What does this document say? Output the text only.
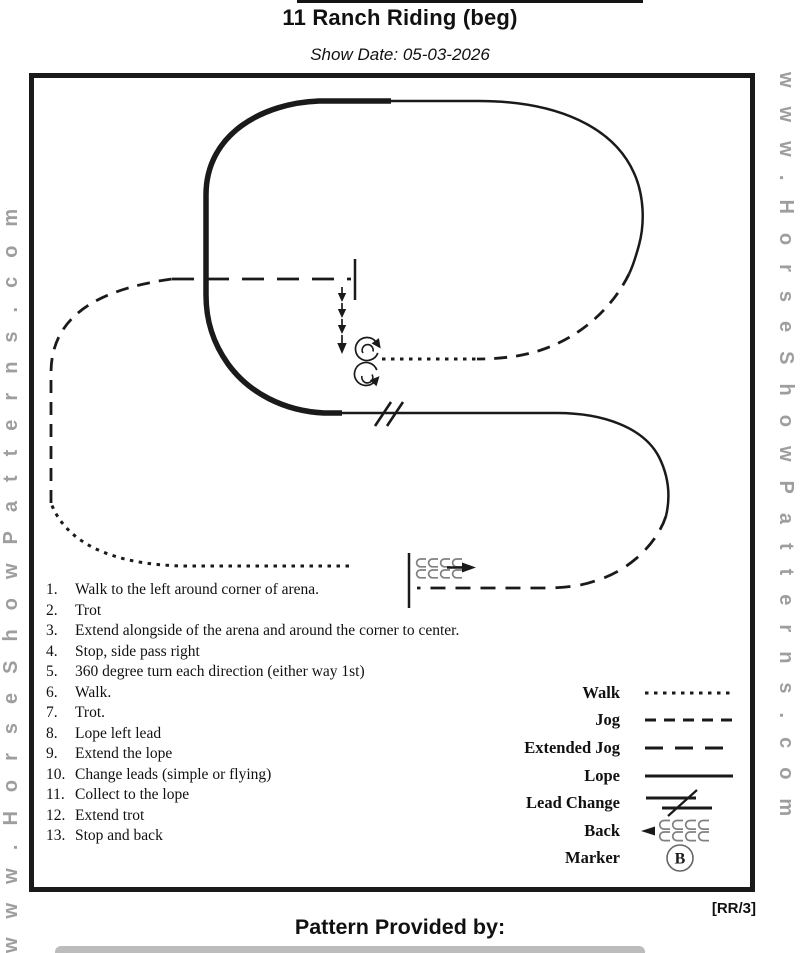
11 Ranch Riding (beg)
Show Date: 05-03-2026
www.HorseShowPatterns.com	www.HorseShowPatterns.com
1.	Walk to the left around corner of arena.
2.	Trot
3.	Extend alongside of the arena and around the corner to center.
4.	Stop, side pass right
5.	360 degree turn each direction (either way 1st)
6.	Walk.
7.	Trot.
8.	Lope left lead
9.	Extend the lope
10. Change leads (simple or flying)
11. Collect to the lope
12. Extend trot
13. Stop and back
Walk
Jog
Extended Jog
Lope
Lead Change
Back
Marker	B
[RR/3]
Pattern Provided by:
